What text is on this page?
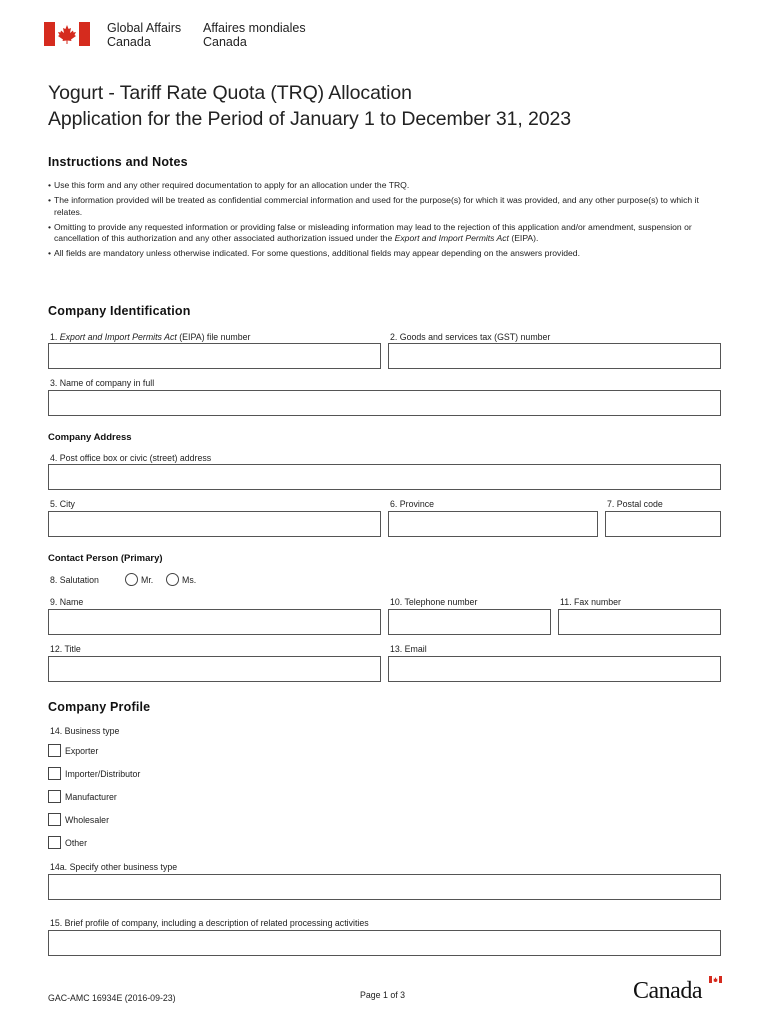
Global Affairs
Canada
Affaires mondiales
Canada
Yogurt - Tariff Rate Quota (TRQ) Allocation
Application for the Period of January 1 to December 31, 2023
Instructions and Notes
• Use this form and any other required documentation to apply for an allocation under the TRQ.
• The information provided will be treated as confidential commercial information and used for the purpose(s) for which it was provided, and any other purpose(s) to which it relates.
• Omitting to provide any requested information or providing false or misleading information may lead to the rejection of this application and/or amendment, suspension or cancellation of this authorization and any other associated authorization issued under the Export and Import Permits Act (EIPA).
• All fields are mandatory unless otherwise indicated. For some questions, additional fields may appear depending on the answers provided.
Company Identification
1. Export and Import Permits Act (EIPA) file number	2. Goods and services tax (GST) number
3. Name of company in full
Company Address
4. Post office box or civic (street) address
5. City	6. Province	7. Postal code
Contact Person (Primary)
8. Salutation	Mr.	Ms.
9. Name	10. Telephone number	11. Fax number
12. Title	13. Email
Company Profile
14. Business type
Exporter
Importer/Distributor
Manufacturer
Wholesaler
Other
14a. Specify other business type
15. Brief profile of company, including a description of related processing activities
GAC-AMC 16934E (2016-09-23)	Page 1 of 3	Canada
